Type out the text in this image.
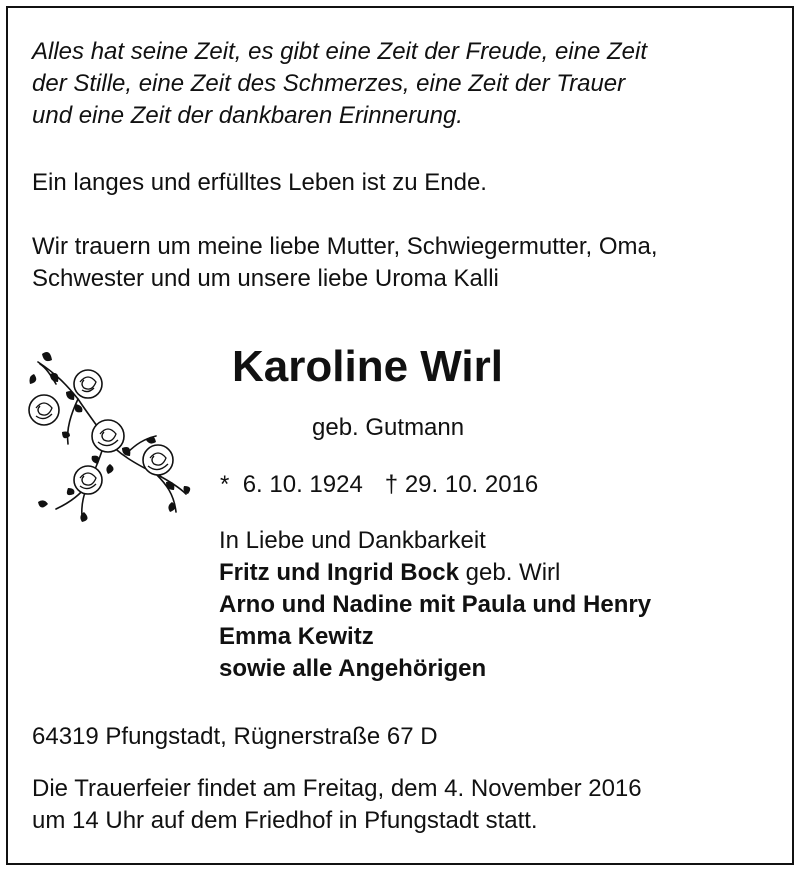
Alles hat seine Zeit, es gibt eine Zeit der Freude, eine Zeit
der Stille, eine Zeit des Schmerzes, eine Zeit der Trauer
und eine Zeit der dankbaren Erinnerung.
Ein langes und erfülltes Leben ist zu Ende.
Wir trauern um meine liebe Mutter, Schwiegermutter, Oma,
Schwester und um unsere liebe Uroma Kalli
Karoline Wirl
geb. Gutmann
* 6. 10. 1924 † 29. 10. 2016
In Liebe und Dankbarkeit
Fritz und Ingrid Bock geb. Wirl
Arno und Nadine mit Paula und Henry
Emma Kewitz
sowie alle Angehörigen
64319 Pfungstadt, Rügnerstraße 67 D
Die Trauerfeier findet am Freitag, dem 4. November 2016
um 14 Uhr auf dem Friedhof in Pfungstadt statt.
